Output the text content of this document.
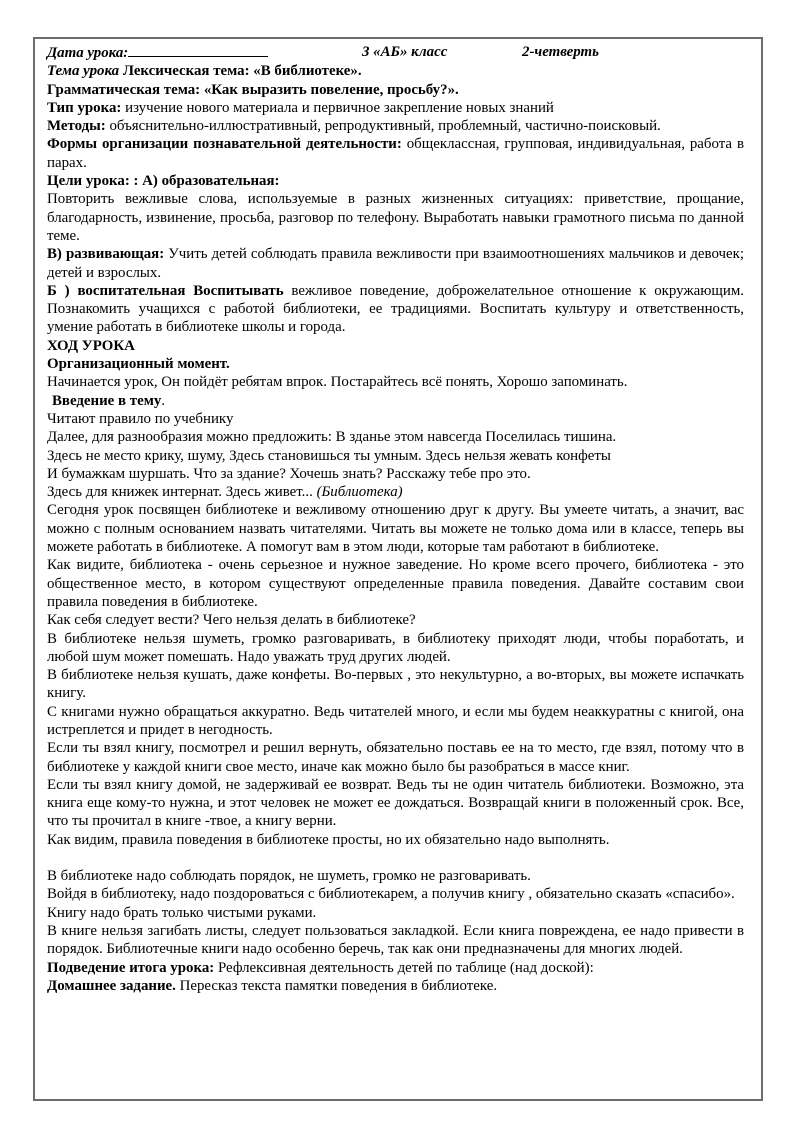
Дата урока:	3 «АБ» класс	2-четверть

Тема урока Лексическая тема: «В библиотеке».

Грамматическая тема: «Как выразить повеление, просьбу?».

Тип урока: изучение нового материала и первичное закрепление новых знаний

Методы: объяснительно-иллюстративный, репродуктивный, проблемный, частично-поисковый.

Формы организации познавательной деятельности: общеклассная, групповая, индивидуальная, работа в парах.

Цели урока: : А) образовательная:

Повторить вежливые слова, используемые в разных жизненных ситуациях: приветствие, прощание, благодарность, извинение, просьба, разговор по телефону. Выработать навыки грамотного письма по данной теме.

В) развивающая: Учить детей соблюдать правила вежливости при взаимоотношениях мальчиков и девочек; детей и взрослых.

Б ) воспитательная Воспитывать вежливое поведение, доброжелательное отношение к окружающим. Познакомить учащихся с работой библиотеки, ее традициями. Воспитать культуру и ответственность, умение работать в библиотеке школы и города.

ХОД УРОКА

Организационный момент.

Начинается урок, Он пойдёт ребятам впрок. Постарайтесь всё понять, Хорошо запоминать.

Введение в тему.

Читают правило по учебнику

Далее, для разнообразия можно предложить: В зданье этом навсегда Поселилась тишина.

Здесь не место крику, шуму, Здесь становишься ты умным. Здесь нельзя жевать конфеты

И бумажкам шуршать. Что за здание? Хочешь знать? Расскажу тебе про это.

Здесь для книжек интернат. Здесь живет... (Библиотека)

Сегодня урок посвящен библиотеке и вежливому отношению друг к другу. Вы умеете читать, а значит, вас можно с полным основанием назвать читателями. Читать вы можете не только дома или в классе, теперь вы можете работать в библиотеке. А помогут вам в этом люди, которые там работают в библиотеке.

Как видите, библиотека - очень серьезное и нужное заведение. Но кроме всего прочего, библиотека - это общественное место, в котором существуют определенные правила поведения. Давайте составим свои правила поведения в библиотеке.

Как себя следует вести? Чего нельзя делать в библиотеке?

В библиотеке нельзя шуметь, громко разговаривать, в библиотеку приходят люди, чтобы поработать, и любой шум может помешать. Надо уважать труд других людей.

В библиотеке нельзя кушать, даже конфеты. Во-первых , это некультурно, а во-вторых, вы можете испачкать книгу.

С книгами нужно обращаться аккуратно. Ведь читателей много, и если мы будем неаккуратны с книгой, она истреплется и придет в негодность.

Если ты взял книгу, посмотрел и решил вернуть, обязательно поставь ее на то место, где взял, потому что в библиотеке у каждой книги свое место, иначе как можно было бы разобраться в массе книг.

Если ты взял книгу домой, не задерживай ее возврат. Ведь ты не один читатель библиотеки. Возможно, эта книга еще кому-то нужна, и этот человек не может ее дождаться. Возвращай книги в положенный срок. Все, что ты прочитал в книге -твое, а книгу верни.

Как видим, правила поведения в библиотеке просты, но их обязательно надо выполнять.

В библиотеке надо соблюдать порядок, не шуметь, громко не разговаривать.

Войдя в библиотеку, надо поздороваться с библиотекарем, а получив книгу , обязательно сказать «спасибо».

Книгу надо брать только чистыми руками.

В книге нельзя загибать листы, следует пользоваться закладкой. Если книга повреждена, ее надо привести в порядок. Библиотечные книги надо особенно беречь, так как они предназначены для многих людей.

Подведение итога урока: Рефлексивная деятельность детей по таблице (над доской):

Домашнее задание. Пересказ текста памятки поведения в библиотеке.
